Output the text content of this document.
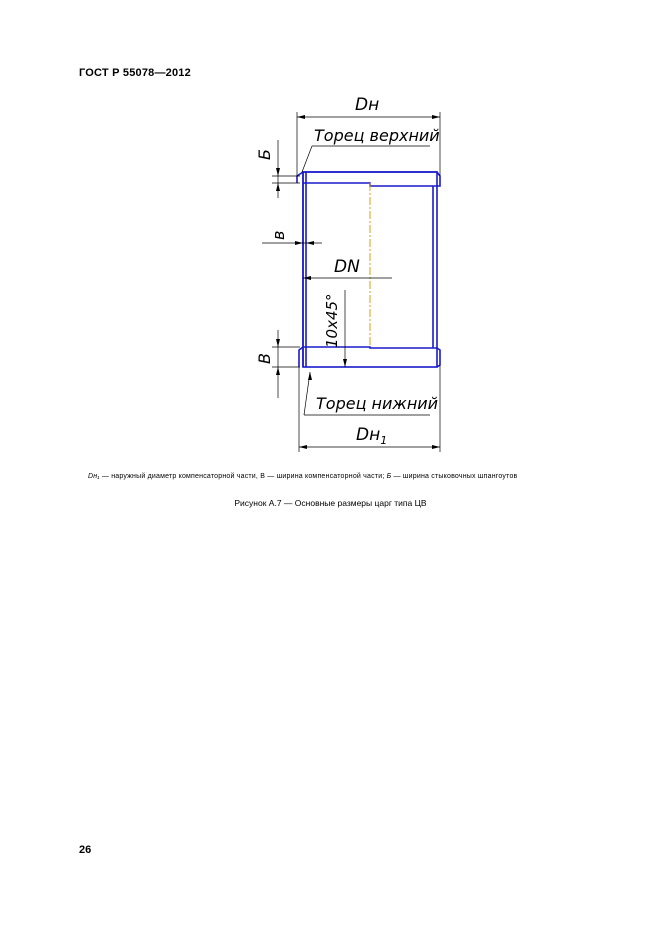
ГОСТ Р 55078—2012
Dн
Торец верхний
Б
в
DN
10х45°
В
Торец нижний
$Dн_1$
Dн₁ — наружный диаметр компенсаторной части, В — ширина компенсаторной части; Б — ширина стыковочных шпангоутов
Рисунок А.7 — Основные размеры царг типа ЦВ
26
